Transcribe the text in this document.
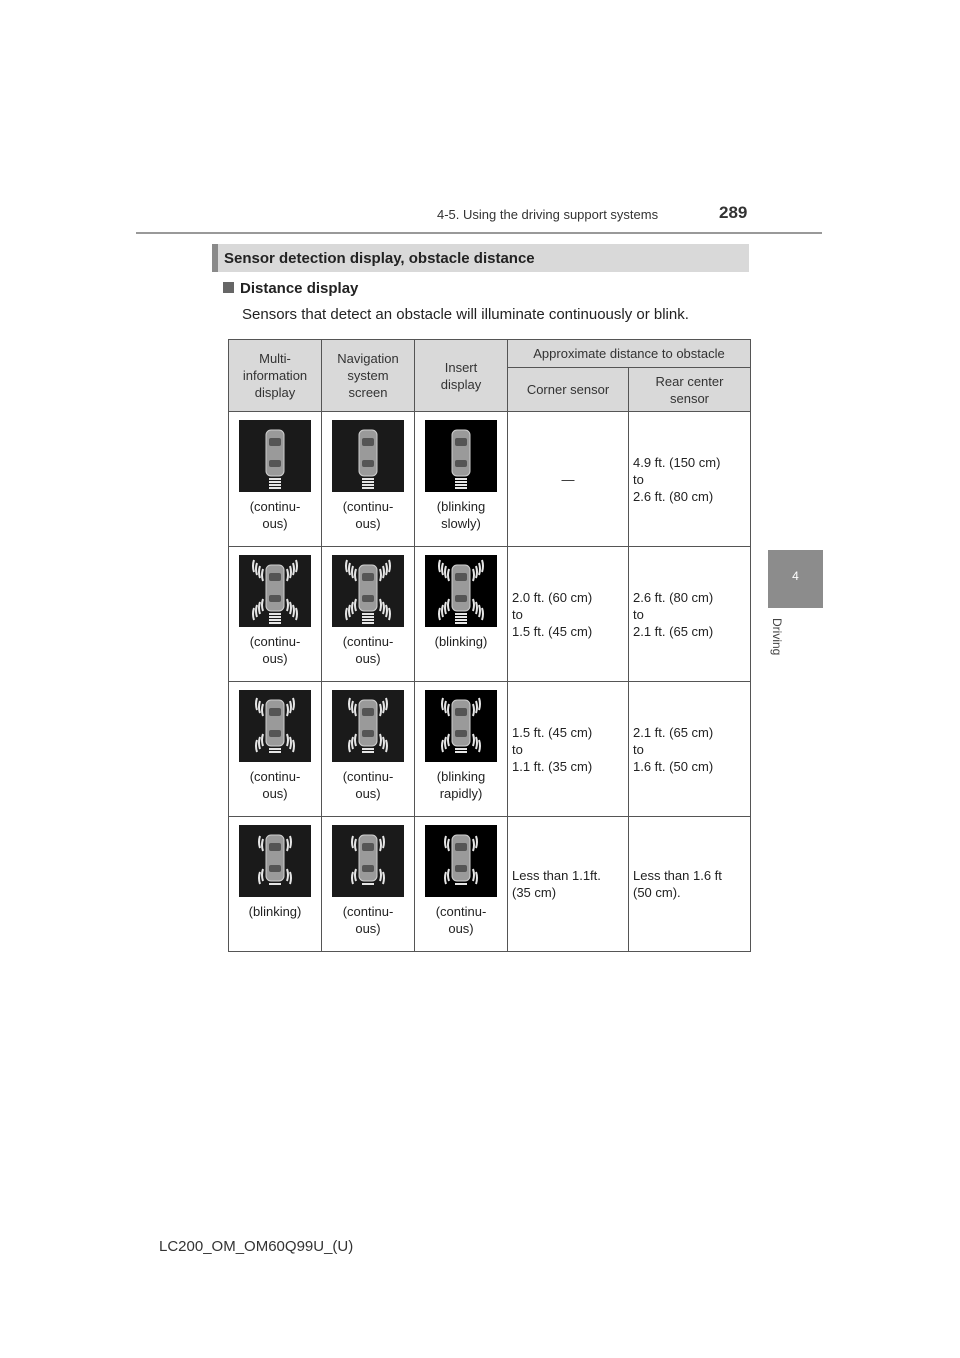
4-5. Using the driving support systems	289
4
Driving
Sensor detection display, obstacle distance
Distance display
Sensors that detect an obstacle will illuminate continuously or blink.
Multi-
information
display	Navigation
system
screen	Insert
display	Approximate distance to obstacle	
			Corner sensor	Rear center
sensor

(continu-
ous)	(continu-
ous)	(blinking
slowly)	—	4.9 ft. (150 cm)
to
2.6 ft. (80 cm)

(continu-
ous)	(continu-
ous)	(blinking)	2.0 ft. (60 cm)
to
1.5 ft. (45 cm)	2.6 ft. (80 cm)
to
2.1 ft. (65 cm)

(continu-
ous)	(continu-
ous)	(blinking
rapidly)	1.5 ft. (45 cm)
to
1.1 ft. (35 cm)	2.1 ft. (65 cm)
to
1.6 ft. (50 cm)

(blinking)	(continu-
ous)	(continu-
ous)	Less than 1.1ft.
(35 cm)	Less than 1.6 ft
(50 cm).
LC200_OM_OM60Q99U_(U)
